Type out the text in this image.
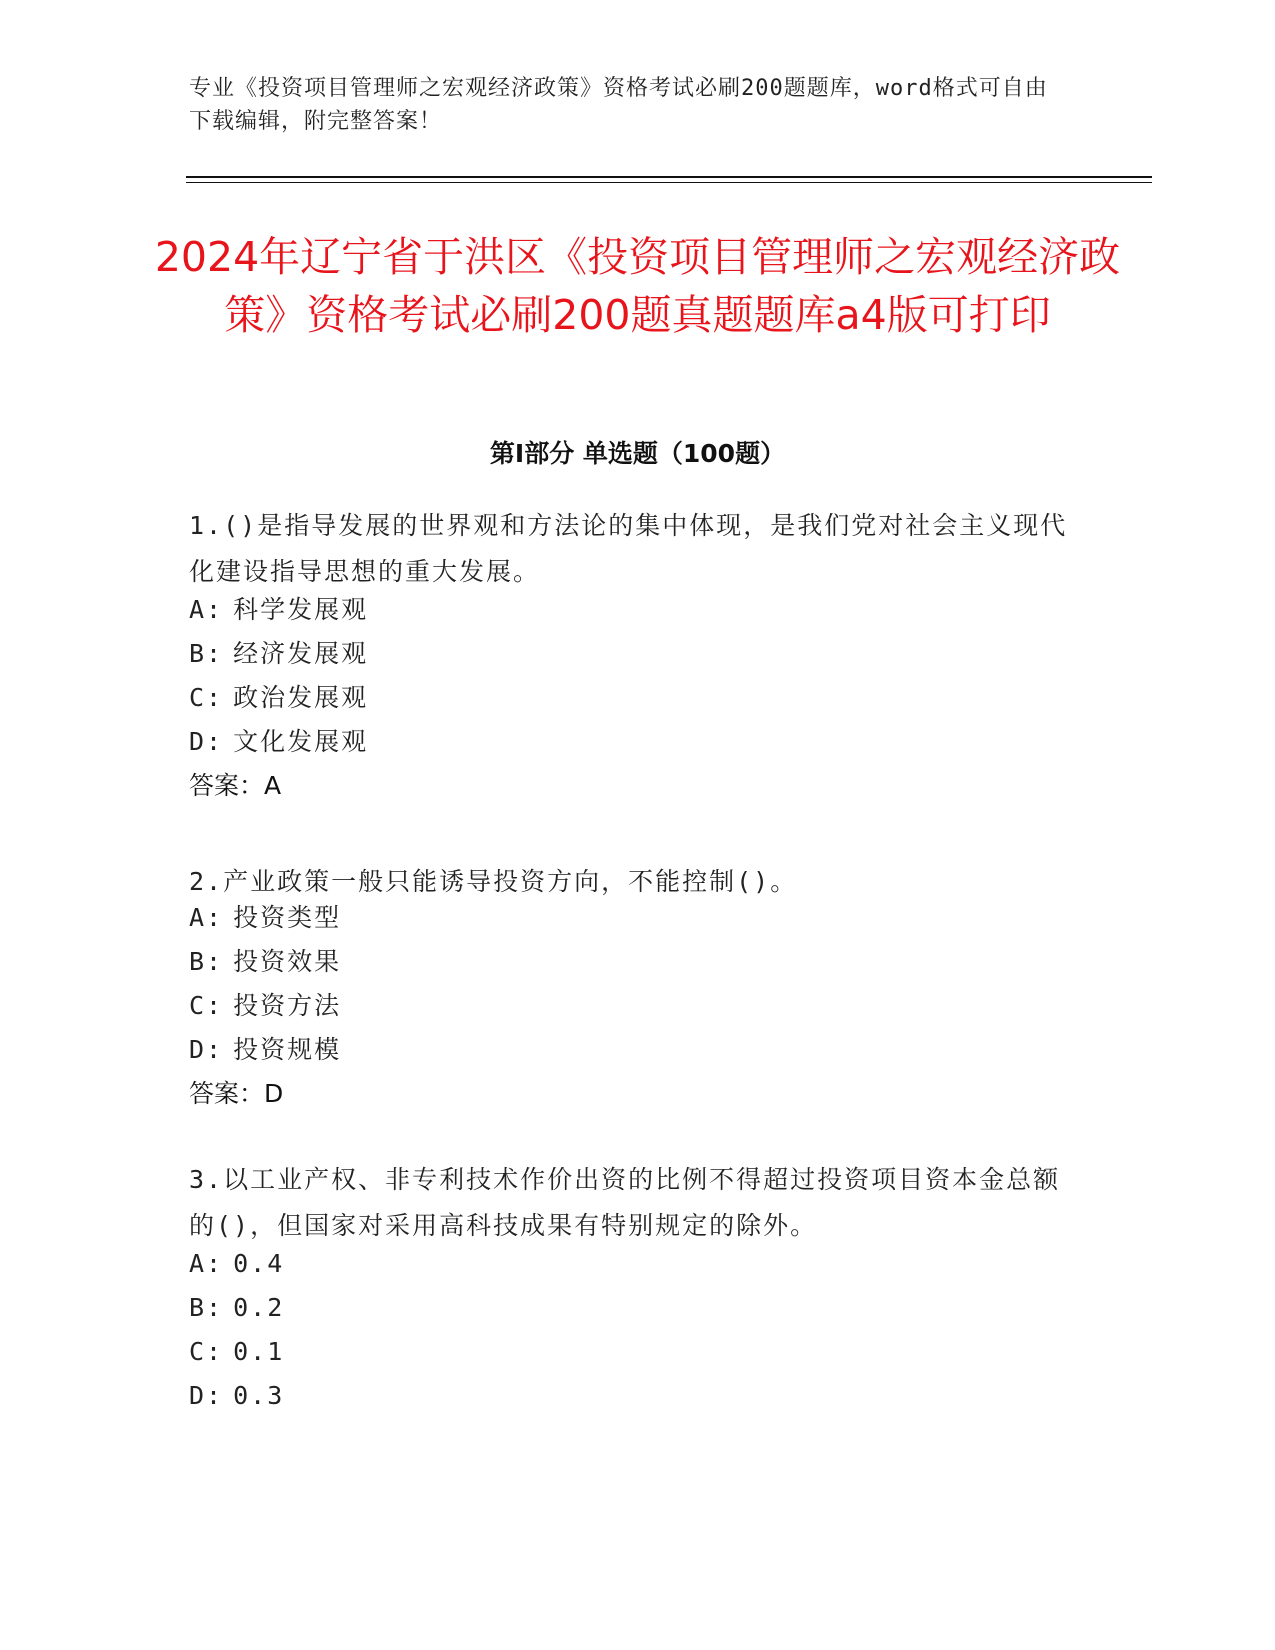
专业《投资项目管理师之宏观经济政策》资格考试必刷200题题库，word格式可自由下载编辑，附完整答案！
2024年辽宁省于洪区《投资项目管理师之宏观经济政策》资格考试必刷200题真题题库a4版可打印
第Ⅰ部分 单选题（100题）

1.()是指导发展的世界观和方法论的集中体现，是我们党对社会主义现代化建设指导思想的重大发展。

A: 科学发展观
B: 经济发展观
C: 政治发展观
D: 文化发展观
答案：A

2.产业政策一般只能诱导投资方向，不能控制()。

A: 投资类型
B: 投资效果
C: 投资方法
D: 投资规模
答案：D

3.以工业产权、非专利技术作价出资的比例不得超过投资项目资本金总额的()，但国家对采用高科技成果有特别规定的除外。

A: 0.4
B: 0.2
C: 0.1
D: 0.3
